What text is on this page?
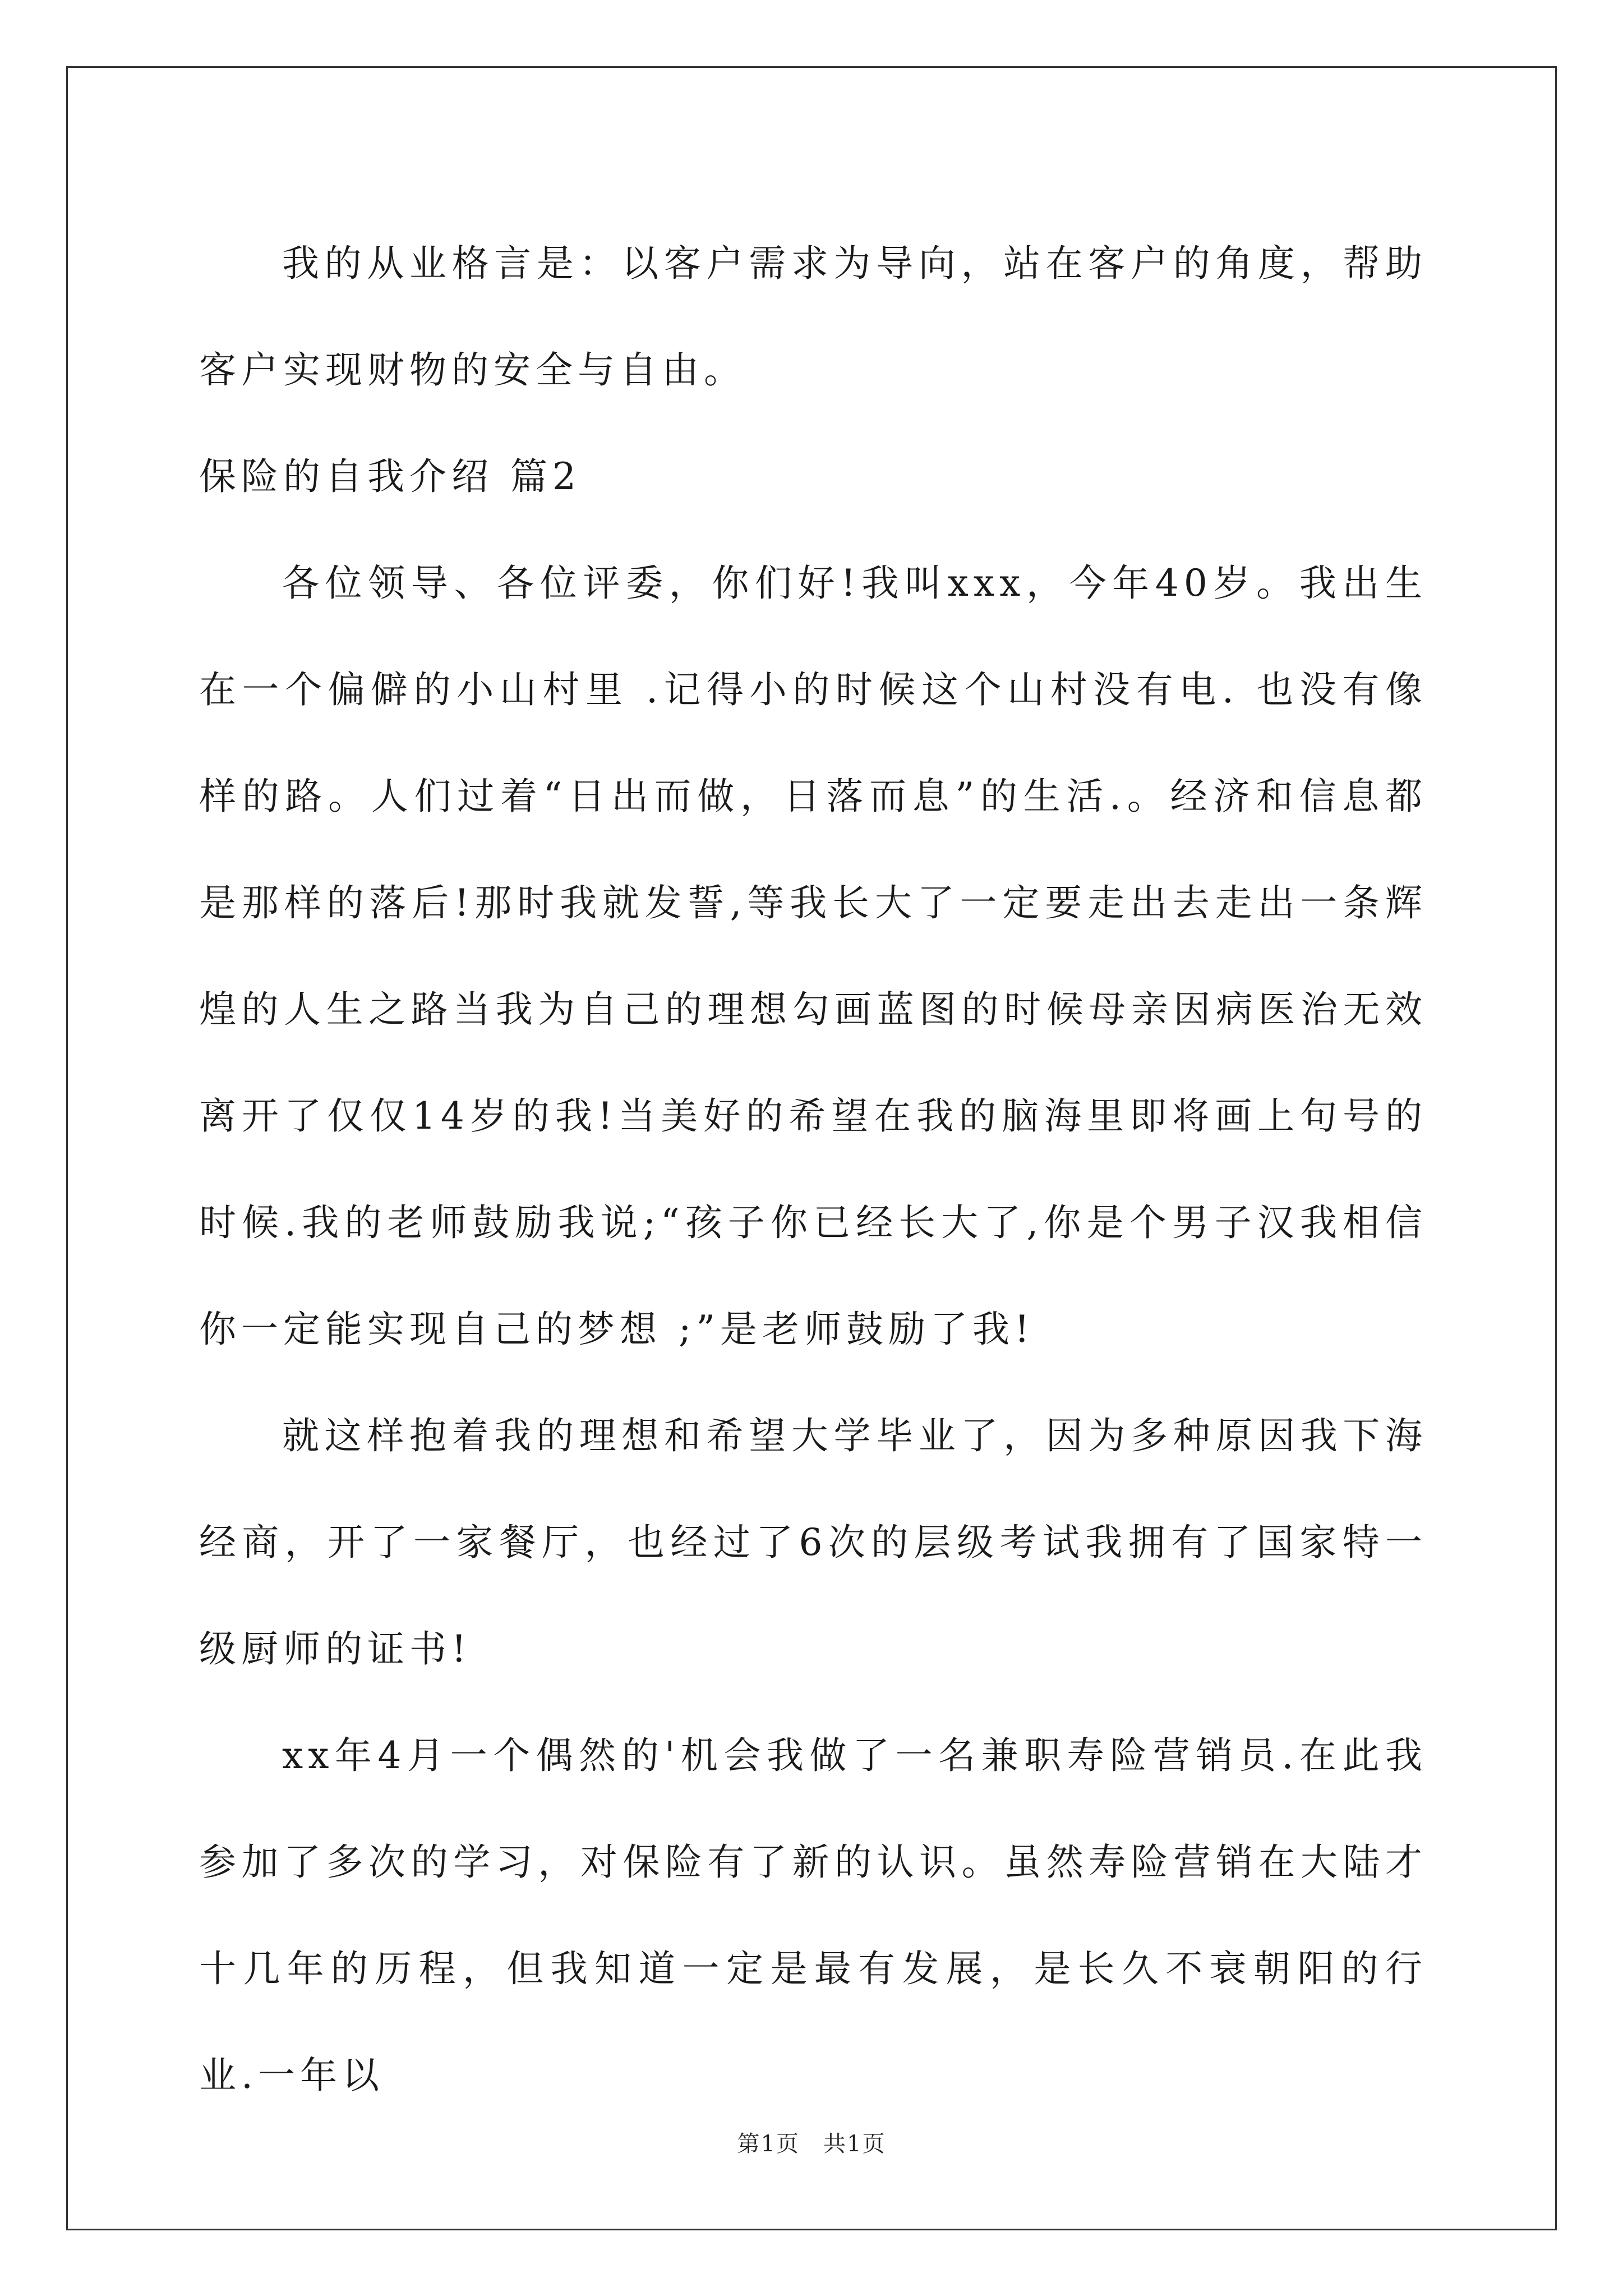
我的从业格言是：以客户需求为导向，站在客户的角度，帮助客户实现财物的安全与自由。

保险的自我介绍 篇2

各位领导、各位评委，你们好!我叫xxx，今年40岁。我出生在一个偏僻的小山村里 .记得小的时候这个山村没有电. 也没有像样的路。人们过着“日出而做，日落而息”的生活.。经济和信息都是那样的落后!那时我就发誓,等我长大了一定要走出去走出一条辉煌的人生之路当我为自己的理想勾画蓝图的时候母亲因病医治无效离开了仅仅14岁的我!当美好的希望在我的脑海里即将画上句号的时候.我的老师鼓励我说;“孩子你已经长大了,你是个男子汉我相信你一定能实现自己的梦想 ;”是老师鼓励了我!

就这样抱着我的理想和希望大学毕业了，因为多种原因我下海经商，开了一家餐厅，也经过了6次的层级考试我拥有了国家特一级厨师的证书!

xx年4月一个偶然的'机会我做了一名兼职寿险营销员.在此我参加了多次的学习，对保险有了新的认识。虽然寿险营销在大陆才十几年的历程，但我知道一定是最有发展，是长久不衰朝阳的行业.一年以

第1页　共1页
